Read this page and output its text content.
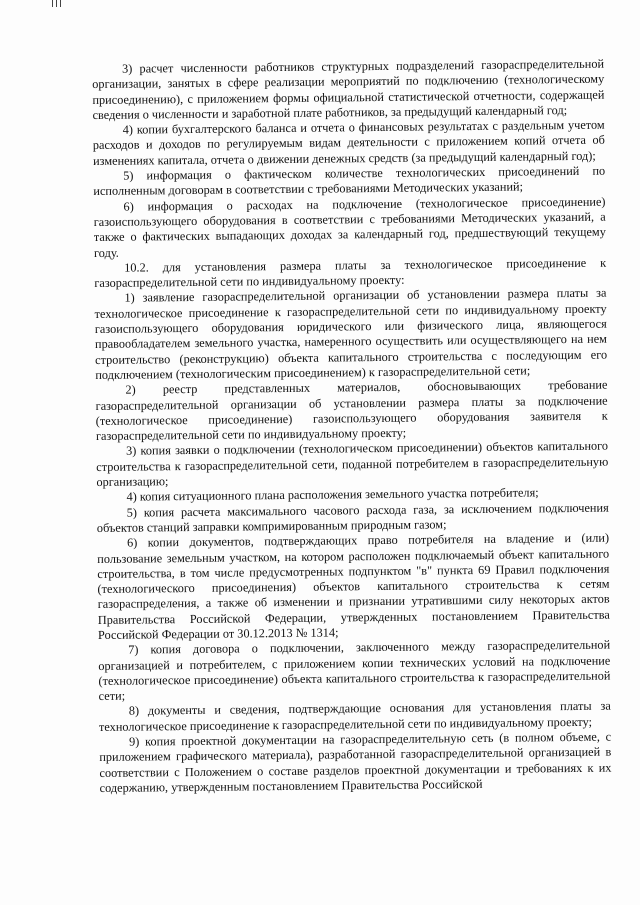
3) расчет численности работников структурных подразделений газораспределительной организации, занятых в сфере реализации мероприятий по подключению (технологическому присоединению), с приложением формы официальной статистической отчетности, содержащей сведения о численности и заработной плате работников, за предыдущий календарный год;

4) копии бухгалтерского баланса и отчета о финансовых результатах с раздельным учетом расходов и доходов по регулируемым видам деятельности с приложением копий отчета об изменениях капитала, отчета о движении денежных средств (за предыдущий календарный год);

5) информация о фактическом количестве технологических присоединений по исполненным договорам в соответствии с требованиями Методических указаний;

6) информация о расходах на подключение (технологическое присоединение) газоиспользующего оборудования в соответствии с требованиями Методических указаний, а также о фактических выпадающих доходах за календарный год, предшествующий текущему году.

10.2. для установления размера платы за технологическое присоединение к газораспределительной сети по индивидуальному проекту:

1) заявление газораспределительной организации об установлении размера платы за технологическое присоединение к газораспределительной сети по индивидуальному проекту газоиспользующего оборудования юридического или физического лица, являющегося правообладателем земельного участка, намеренного осуществить или осуществляющего на нем строительство (реконструкцию) объекта капитального строительства с последующим его подключением (технологическим присоединением) к газораспределительной сети;

2) реестр представленных материалов, обосновывающих требование газораспределительной организации об установлении размера платы за подключение (технологическое присоединение) газоиспользующего оборудования заявителя к газораспределительной сети по индивидуальному проекту;

3) копия заявки о подключении (технологическом присоединении) объектов капитального строительства к газораспределительной сети, поданной потребителем в газораспределительную организацию;

4) копия ситуационного плана расположения земельного участка потребителя;

5) копия расчета максимального часового расхода газа, за исключением подключения объектов станций заправки компримированным природным газом;

6) копии документов, подтверждающих право потребителя на владение и (или) пользование земельным участком, на котором расположен подключаемый объект капитального строительства, в том числе предусмотренных подпунктом "в" пункта 69 Правил подключения (технологического присоединения) объектов капитального строительства к сетям газораспределения, а также об изменении и признании утратившими силу некоторых актов Правительства Российской Федерации, утвержденных постановлением Правительства Российской Федерации от 30.12.2013 № 1314;

7) копия договора о подключении, заключенного между газораспределительной организацией и потребителем, с приложением копии технических условий на подключение (технологическое присоединение) объекта капитального строительства к газораспределительной сети;

8) документы и сведения, подтверждающие основания для установления платы за технологическое присоединение к газораспределительной сети по индивидуальному проекту;

9) копия проектной документации на газораспределительную сеть (в полном объеме, с приложением графического материала), разработанной газораспределительной организацией в соответствии с Положением о составе разделов проектной документации и требованиях к их содержанию, утвержденным постановлением Правительства Российской
